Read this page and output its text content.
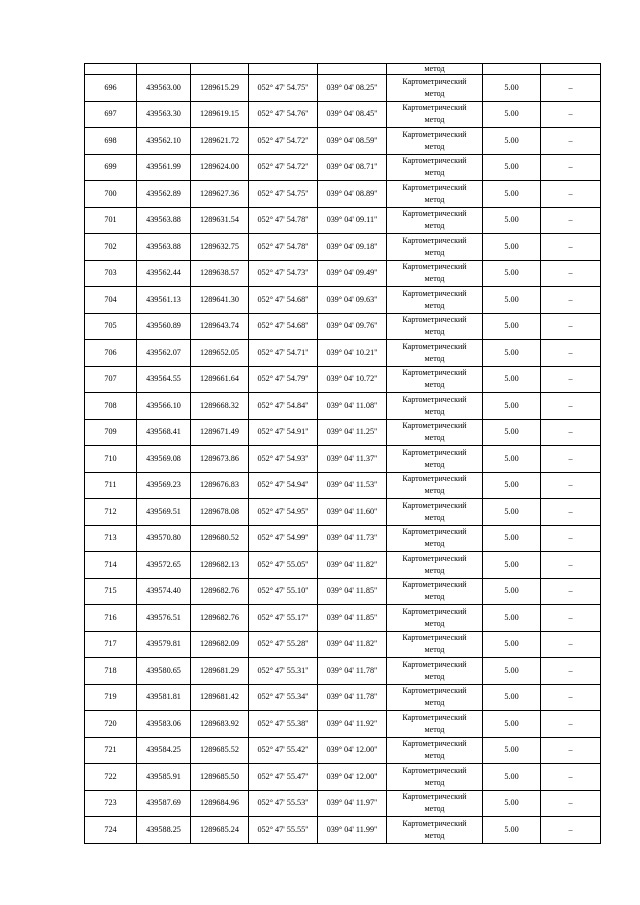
					метод		
696	439563.00	1289615.29	052° 47' 54.75"	039° 04' 08.25"	Картометрический
метод	5.00	–
697	439563.30	1289619.15	052° 47' 54.76"	039° 04' 08.45"	Картометрический
метод	5.00	–
698	439562.10	1289621.72	052° 47' 54.72"	039° 04' 08.59"	Картометрический
метод	5.00	–
699	439561.99	1289624.00	052° 47' 54.72"	039° 04' 08.71"	Картометрический
метод	5.00	–
700	439562.89	1289627.36	052° 47' 54.75"	039° 04' 08.89"	Картометрический
метод	5.00	–
701	439563.88	1289631.54	052° 47' 54.78"	039° 04' 09.11"	Картометрический
метод	5.00	–
702	439563.88	1289632.75	052° 47' 54.78"	039° 04' 09.18"	Картометрический
метод	5.00	–
703	439562.44	1289638.57	052° 47' 54.73"	039° 04' 09.49"	Картометрический
метод	5.00	–
704	439561.13	1289641.30	052° 47' 54.68"	039° 04' 09.63"	Картометрический
метод	5.00	–
705	439560.89	1289643.74	052° 47' 54.68"	039° 04' 09.76"	Картометрический
метод	5.00	–
706	439562.07	1289652.05	052° 47' 54.71"	039° 04' 10.21"	Картометрический
метод	5.00	–
707	439564.55	1289661.64	052° 47' 54.79"	039° 04' 10.72"	Картометрический
метод	5.00	–
708	439566.10	1289668.32	052° 47' 54.84"	039° 04' 11.08"	Картометрический
метод	5.00	–
709	439568.41	1289671.49	052° 47' 54.91"	039° 04' 11.25"	Картометрический
метод	5.00	–
710	439569.08	1289673.86	052° 47' 54.93"	039° 04' 11.37"	Картометрический
метод	5.00	–
711	439569.23	1289676.83	052° 47' 54.94"	039° 04' 11.53"	Картометрический
метод	5.00	–
712	439569.51	1289678.08	052° 47' 54.95"	039° 04' 11.60"	Картометрический
метод	5.00	–
713	439570.80	1289680.52	052° 47' 54.99"	039° 04' 11.73"	Картометрический
метод	5.00	–
714	439572.65	1289682.13	052° 47' 55.05"	039° 04' 11.82"	Картометрический
метод	5.00	–
715	439574.40	1289682.76	052° 47' 55.10"	039° 04' 11.85"	Картометрический
метод	5.00	–
716	439576.51	1289682.76	052° 47' 55.17"	039° 04' 11.85"	Картометрический
метод	5.00	–
717	439579.81	1289682.09	052° 47' 55.28"	039° 04' 11.82"	Картометрический
метод	5.00	–
718	439580.65	1289681.29	052° 47' 55.31"	039° 04' 11.78"	Картометрический
метод	5.00	–
719	439581.81	1289681.42	052° 47' 55.34"	039° 04' 11.78"	Картометрический
метод	5.00	–
720	439583.06	1289683.92	052° 47' 55.38"	039° 04' 11.92"	Картометрический
метод	5.00	–
721	439584.25	1289685.52	052° 47' 55.42"	039° 04' 12.00"	Картометрический
метод	5.00	–
722	439585.91	1289685.50	052° 47' 55.47"	039° 04' 12.00"	Картометрический
метод	5.00	–
723	439587.69	1289684.96	052° 47' 55.53"	039° 04' 11.97"	Картометрический
метод	5.00	–
724	439588.25	1289685.24	052° 47' 55.55"	039° 04' 11.99"	Картометрический
метод	5.00	–
